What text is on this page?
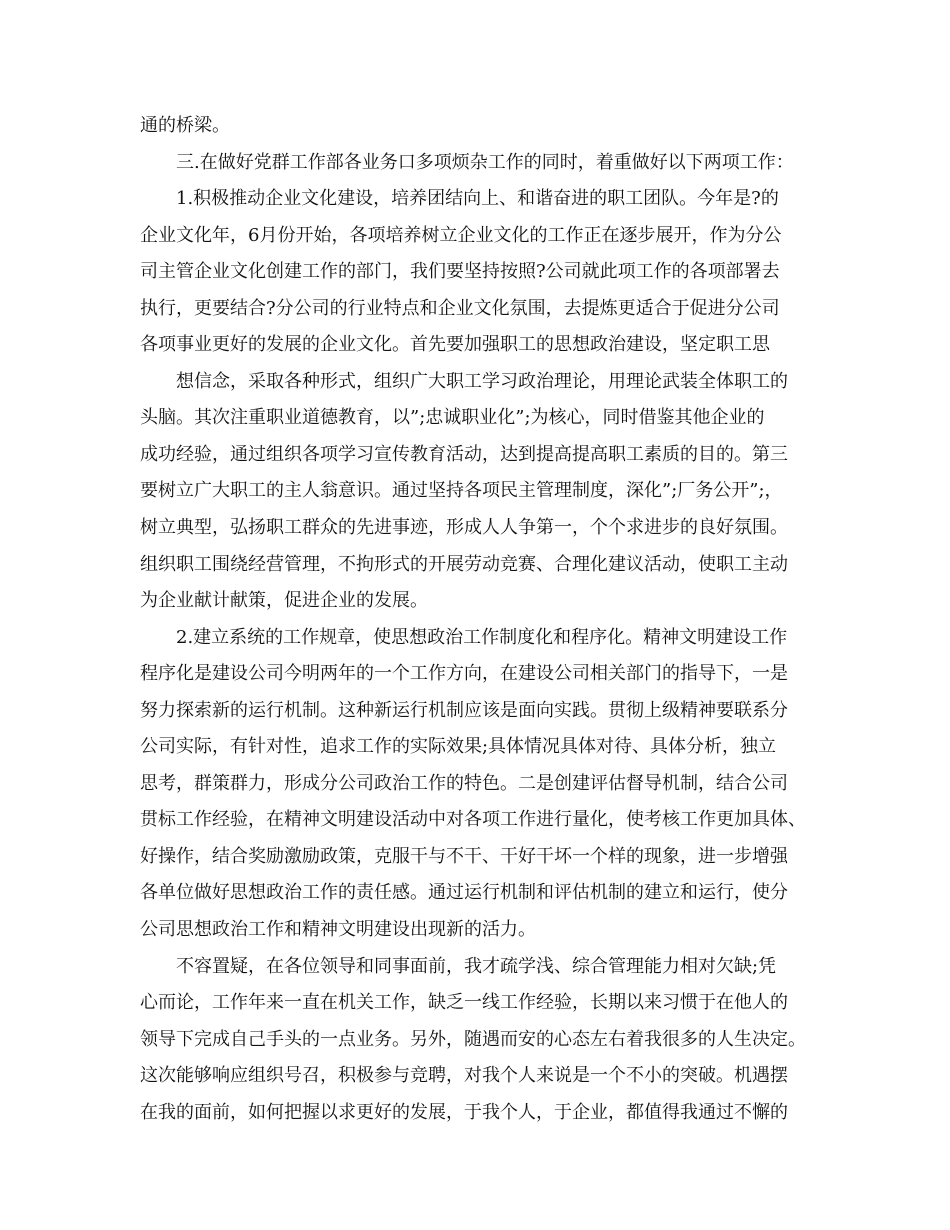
通的桥梁。
三.在做好党群工作部各业务口多项烦杂工作的同时，着重做好以下两项工作：
1.积极推动企业文化建设，培养团结向上、和谐奋进的职工团队。今年是?的
企业文化年，6月份开始，各项培养树立企业文化的工作正在逐步展开，作为分公
司主管企业文化创建工作的部门，我们要坚持按照?公司就此项工作的各项部署去
执行，更要结合?分公司的行业特点和企业文化氛围，去提炼更适合于促进分公司
各项事业更好的发展的企业文化。首先要加强职工的思想政治建设，坚定职工思
想信念，采取各种形式，组织广大职工学习政治理论，用理论武装全体职工的
头脑。其次注重职业道德教育，以”;忠诚职业化”;为核心，同时借鉴其他企业的
成功经验，通过组织各项学习宣传教育活动，达到提高提高职工素质的目的。第三
要树立广大职工的主人翁意识。通过坚持各项民主管理制度，深化”;厂务公开”;，
树立典型，弘扬职工群众的先进事迹，形成人人争第一，个个求进步的良好氛围。
组织职工围绕经营管理，不拘形式的开展劳动竞赛、合理化建议活动，使职工主动
为企业献计献策，促进企业的发展。
2.建立系统的工作规章，使思想政治工作制度化和程序化。精神文明建设工作
程序化是建设公司今明两年的一个工作方向，在建设公司相关部门的指导下，一是
努力探索新的运行机制。这种新运行机制应该是面向实践。贯彻上级精神要联系分
公司实际，有针对性，追求工作的实际效果;具体情况具体对待、具体分析，独立
思考，群策群力，形成分公司政治工作的特色。二是创建评估督导机制，结合公司
贯标工作经验，在精神文明建设活动中对各项工作进行量化，使考核工作更加具体、
好操作，结合奖励激励政策，克服干与不干、干好干坏一个样的现象，进一步增强
各单位做好思想政治工作的责任感。通过运行机制和评估机制的建立和运行，使分
公司思想政治工作和精神文明建设出现新的活力。
不容置疑，在各位领导和同事面前，我才疏学浅、综合管理能力相对欠缺;凭
心而论，工作年来一直在机关工作，缺乏一线工作经验，长期以来习惯于在他人的
领导下完成自己手头的一点业务。另外，随遇而安的心态左右着我很多的人生决定。
这次能够响应组织号召，积极参与竞聘，对我个人来说是一个不小的突破。机遇摆
在我的面前，如何把握以求更好的发展，于我个人，于企业，都值得我通过不懈的
